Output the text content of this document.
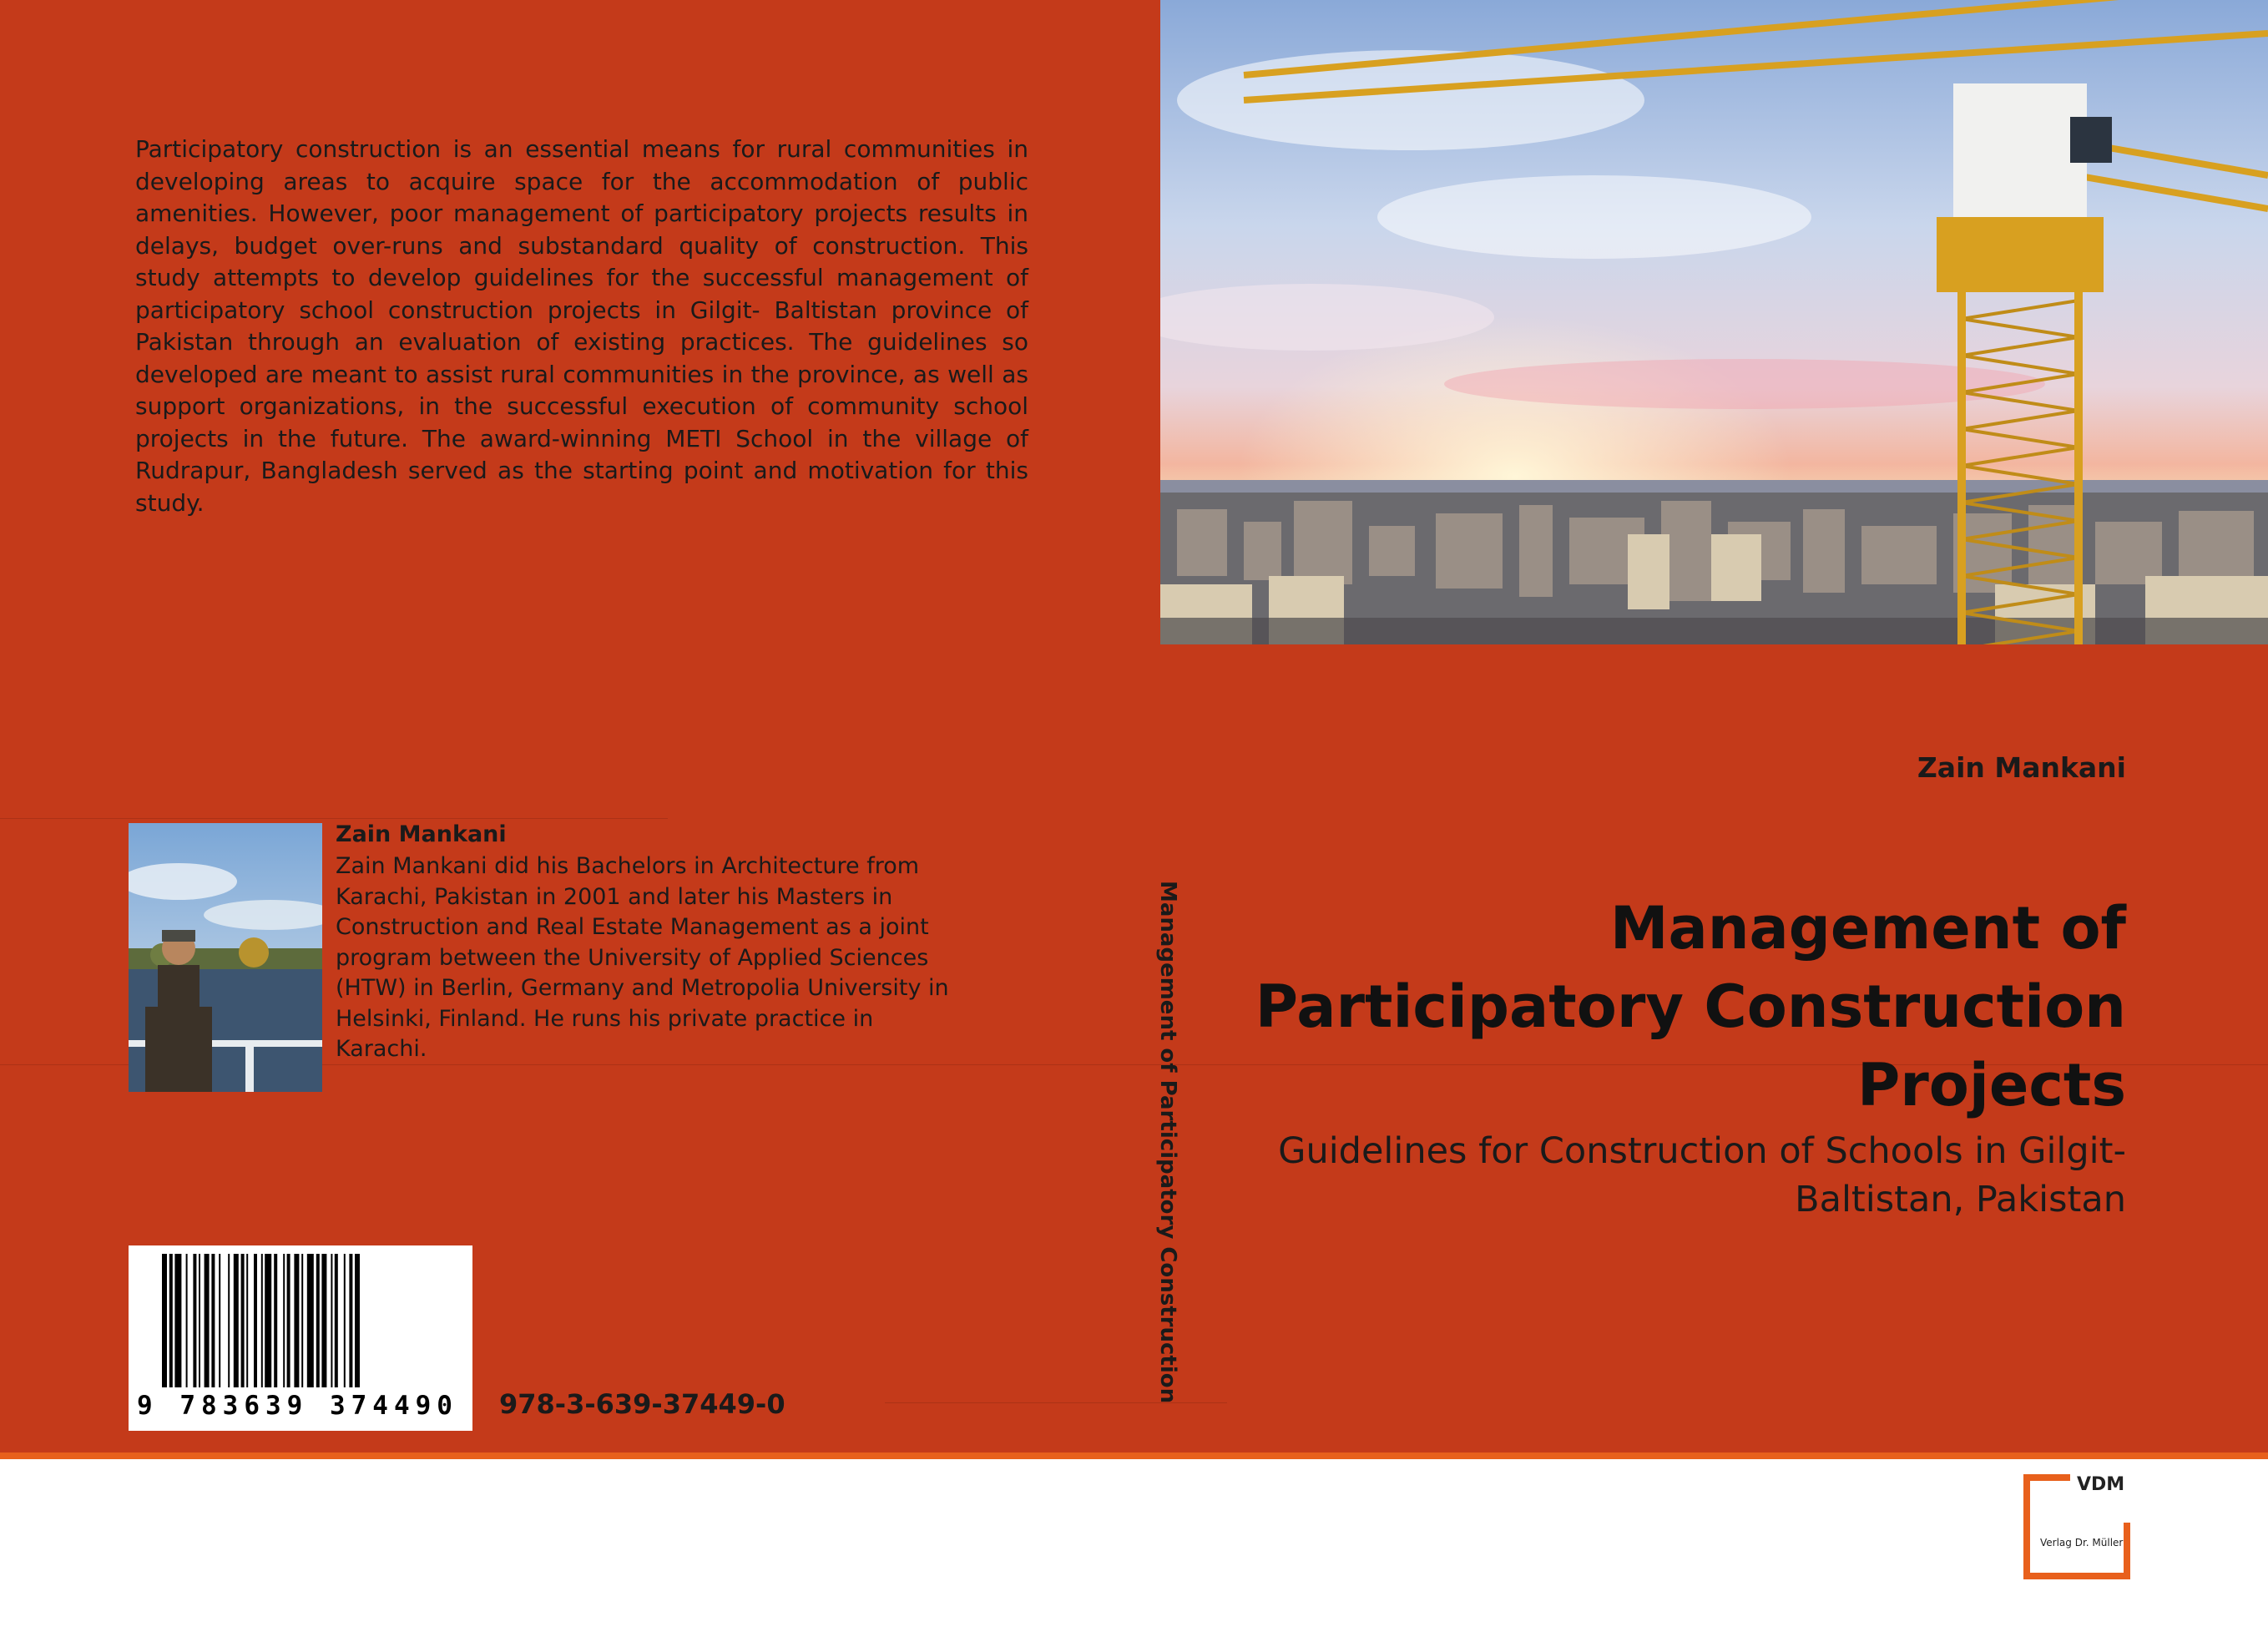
Participatory construction is an essential means for rural communities in developing areas to acquire space for the accommodation of public amenities. However, poor management of participatory projects results in delays, budget over-runs and substandard quality of construction. This study attempts to develop guidelines for the successful management of participatory school construction projects in Gilgit- Baltistan province of Pakistan through an evaluation of existing practices. The guidelines so developed are meant to assist rural communities in the province, as well as support organizations, in the successful execution of community school projects in the future. The award-winning METI School in the village of Rudrapur, Bangladesh served as the starting point and motivation for this study.
Zain Mankani
Zain Mankani did his Bachelors in Architecture from Karachi, Pakistan in 2001 and later his Masters in Construction and Real Estate Management as a joint program between the University of Applied Sciences (HTW) in Berlin, Germany and Metropolia University in Helsinki, Finland. He runs his private practice in Karachi.
9 783639 374490 978-3-639-37449-0
Management of Participatory Construction
Zain Mankani
Management of Participatory Construction Projects
Guidelines for Construction of Schools in Gilgit-Baltistan, Pakistan
VDM
Verlag Dr. Müller
